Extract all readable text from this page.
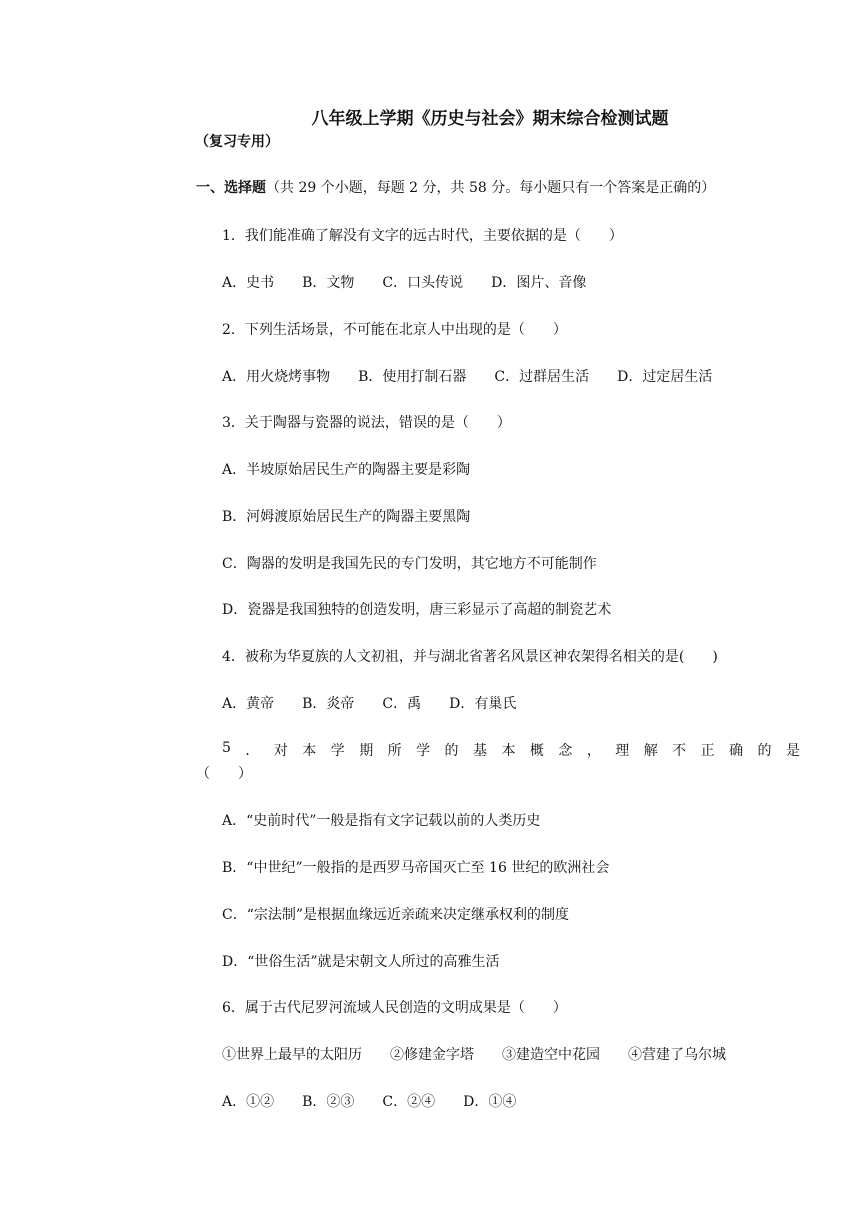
八年级上学期《历史与社会》期末综合检测试题
（复习专用）
一、选择题（共 29 个小题，每题 2 分，共 58 分。每小题只有一个答案是正确的）
1．我们能准确了解没有文字的远古时代，主要依据的是（　　）
A．史书 B．文物 C．口头传说 D．图片、音像
2．下列生活场景，不可能在北京人中出现的是（　　）
A．用火烧烤事物 B．使用打制石器 C．过群居生活 D．过定居生活
3．关于陶器与瓷器的说法，错误的是（　　）
A．半坡原始居民生产的陶器主要是彩陶
B．河姆渡原始居民生产的陶器主要黑陶
C．陶器的发明是我国先民的专门发明，其它地方不可能制作
D．瓷器是我国独特的创造发明，唐三彩显示了高超的制瓷艺术
4．被称为华夏族的人文初祖，并与湖北省著名风景区神农架得名相关的是(　　)
A．黄帝 B．炎帝 C．禹 D．有巢氏
5 ． 对 本 学 期 所 学 的 基 本 概 念 ， 理 解 不 正 确 的 是
（　　）
A．“史前时代”一般是指有文字记载以前的人类历史
B．“中世纪”一般指的是西罗马帝国灭亡至 16 世纪的欧洲社会
C．“宗法制”是根据血缘远近亲疏来决定继承权利的制度
D．“世俗生活”就是宋朝文人所过的高雅生活
6．属于古代尼罗河流域人民创造的文明成果是（　　）
①世界上最早的太阳历 ②修建金字塔 ③建造空中花园 ④营建了乌尔城
A．①② B．②③ C．②④ D．①④
